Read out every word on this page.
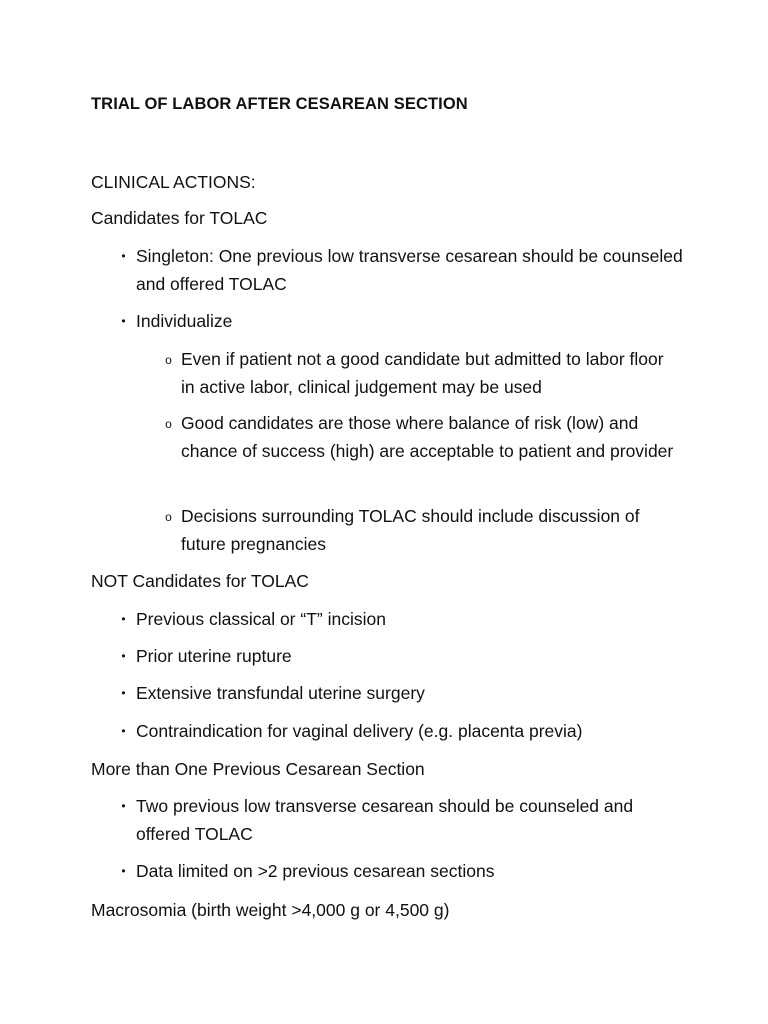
TRIAL OF LABOR AFTER CESAREAN SECTION
CLINICAL ACTIONS:
Candidates for TOLAC
• Singleton: One previous low transverse cesarean should be counseled and offered TOLAC
• Individualize
o Even if patient not a good candidate but admitted to labor floor in active labor, clinical judgement may be used
o Good candidates are those where balance of risk (low) and chance of success (high) are acceptable to patient and provider
o Decisions surrounding TOLAC should include discussion of future pregnancies
NOT Candidates for TOLAC
• Previous classical or “T” incision
• Prior uterine rupture
• Extensive transfundal uterine surgery
• Contraindication for vaginal delivery (e.g. placenta previa)
More than One Previous Cesarean Section
• Two previous low transverse cesarean should be counseled and offered TOLAC
• Data limited on >2 previous cesarean sections
Macrosomia (birth weight >4,000 g or 4,500 g)
